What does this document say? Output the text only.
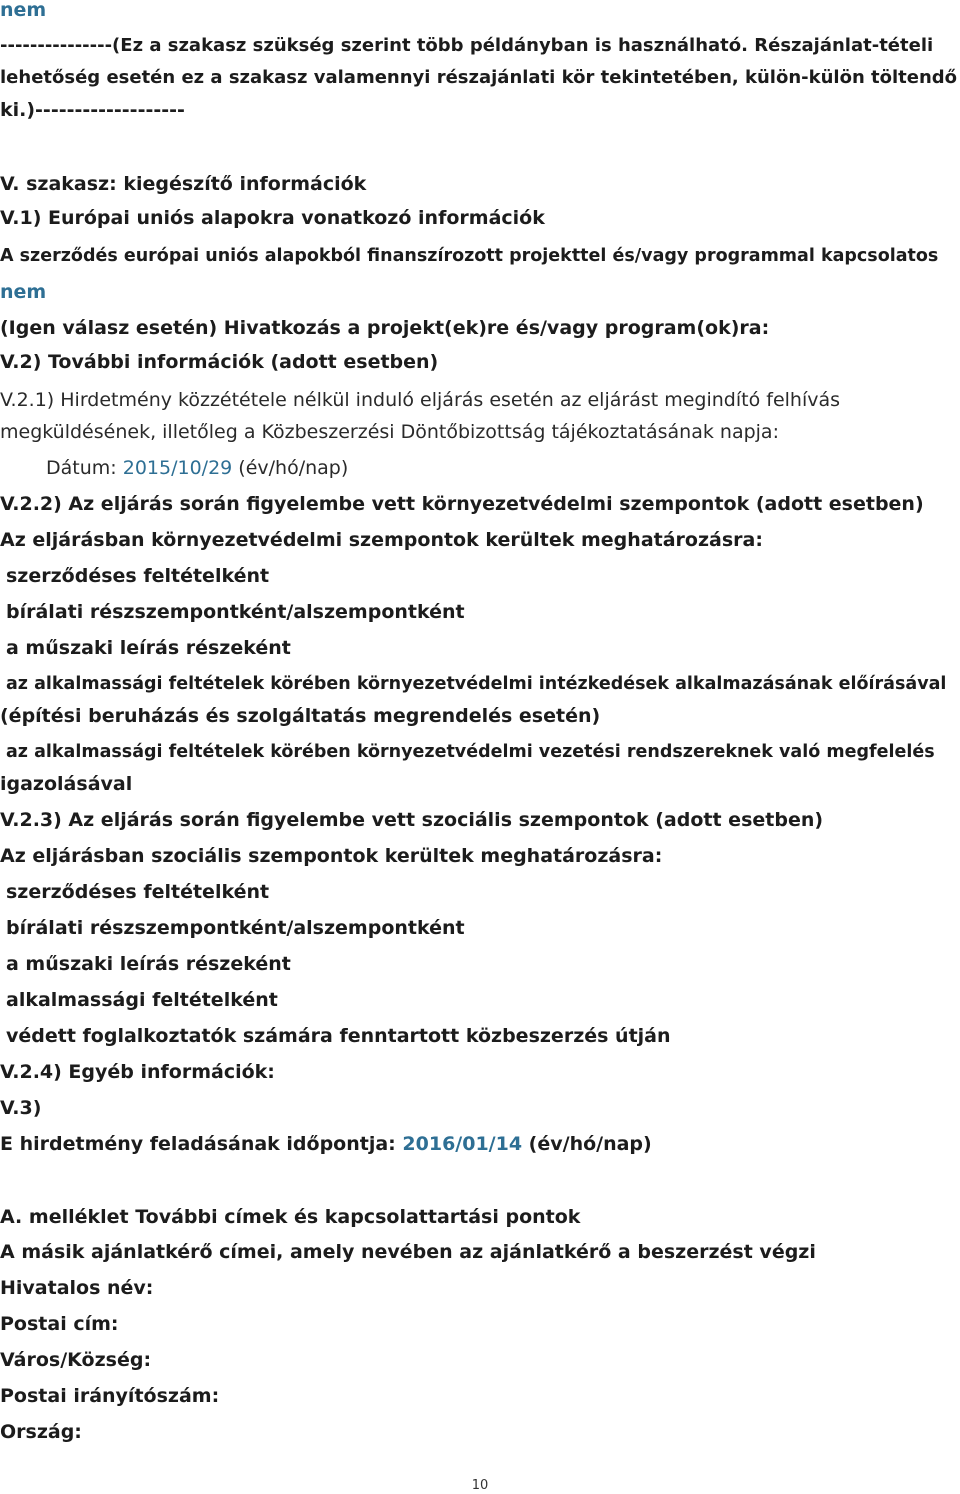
nem
---------------(Ez a szakasz szükség szerint több példányban is használható. Részajánlat-tételi
lehetőség esetén ez a szakasz valamennyi részajánlati kör tekintetében, külön-külön töltendő
ki.)-------------------
V. szakasz: kiegészítő információk
V.1) Európai uniós alapokra vonatkozó információk
A szerződés európai uniós alapokból finanszírozott projekttel és/vagy programmal kapcsolatos
nem
(Igen válasz esetén) Hivatkozás a projekt(ek)re és/vagy program(ok)ra:
V.2) További információk (adott esetben)
V.2.1) Hirdetmény közzététele nélkül induló eljárás esetén az eljárást megindító felhívás
megküldésének, illetőleg a Közbeszerzési Döntőbizottság tájékoztatásának napja:
Dátum: 2015/10/29 (év/hó/nap)
V.2.2) Az eljárás során figyelembe vett környezetvédelmi szempontok (adott esetben)
Az eljárásban környezetvédelmi szempontok kerültek meghatározásra:
szerződéses feltételként
bírálati részszempontként/alszempontként
a műszaki leírás részeként
az alkalmassági feltételek körében környezetvédelmi intézkedések alkalmazásának előírásával
(építési beruházás és szolgáltatás megrendelés esetén)
az alkalmassági feltételek körében környezetvédelmi vezetési rendszereknek való megfelelés
igazolásával
V.2.3) Az eljárás során figyelembe vett szociális szempontok (adott esetben)
Az eljárásban szociális szempontok kerültek meghatározásra:
szerződéses feltételként
bírálati részszempontként/alszempontként
a műszaki leírás részeként
alkalmassági feltételként
védett foglalkoztatók számára fenntartott közbeszerzés útján
V.2.4) Egyéb információk:
V.3)
E hirdetmény feladásának időpontja: 2016/01/14 (év/hó/nap)
A. melléklet További címek és kapcsolattartási pontok
A másik ajánlatkérő címei, amely nevében az ajánlatkérő a beszerzést végzi
Hivatalos név:
Postai cím:
Város/Község:
Postai irányítószám:
Ország:
10
